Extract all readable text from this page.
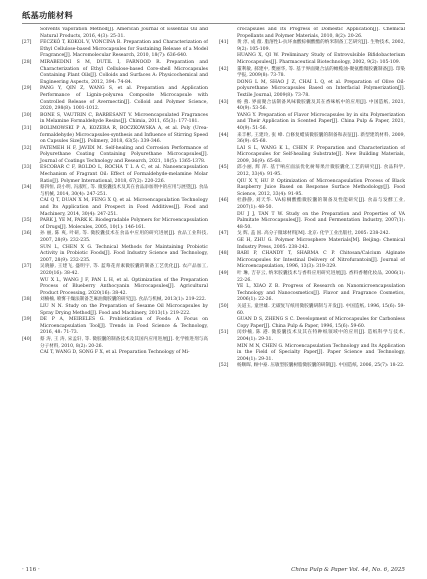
纸基功能材料
Solvents Vaporation Method[J]. American Journal of Essential Oil and Natural Products, 2016, 4(3): 25-31.
[27]	FECZKÓ T, KOKOL V, VONCINA B. Preparation and Characterization of Ethyl Cellulose-based Microcapsules for Sustaining Release of a Model Fragrance[J]. Macromolecular Research, 2010, 18(7): 636-640.
[28]	MIRABEDINI S M, DUTIL I, FARNOOD R. Preparation and Characterization of Ethyl Cellulose-based Core-shell Microcapsules Containing Plant Oils[J]. Colloids and Surfaces A: Physicochemical and Engineering Aspects, 2012, 394: 74-84.
[29]	PANG Y, QIN Z, WANG S, et al. Preparation and Application Performance of Lignin-polyurea Composite Microcapsule with Controlled Release of Avermectin[J]. Colloid and Polymer Science, 2020, 298(8): 1001-1012.
[30]	BONE S, VAUTRIN C, BARBESANT V. Microencapsulated Fragrances in Melamine Formaldehyde Resins[J]. Chimia, 2011, 65(3): 177-181.
[31]	BOLIMOWSKI P A, KOZERA R, BOCZKOWSKA A, et al. Poly (Urea-formaldehyde) Microcapsules-synthesis and Influence of Stirring Speed on Capsules Size[J]. Polimery, 2018, 63(5): 339-346.
[32]	FATEMEH H F, JAVIDI M. Self-healing and Corrosion Performance of Polyurethane Coating Containing Polyurethane Microcapsules[J]. Journal of Coatings Technology and Research, 2021, 18(5): 1365-1378.
[33]	ESCOBAR C F, ROLDO L, ROCHA T L A C, et al. Nanoencapsulation Mechanism of Fragrant Oil: Effect of Formaldehyde-melamine Molar Ratio[J]. Polymer International, 2018, 67(2): 220-226.
[34]	蔡四恒, 段小明, 冯淑红, 等. 微胶囊技术及其在食品添加剂中的应用与展望[J]. 食品与机械, 2014, 30(4): 247-251.
CAI Q T, DUAN X M, FENG X Q, et al. Microencapsulation Technology and Its Application and Prospect in Food Additives[J]. Food and Machinery, 2014, 30(4): 247-251.
[35]	PARK J, YE M, PARK K. Biodegradable Polymers for Microencapsulation of Drugs[J]. Molecules, 2005, 10(1): 146-161.
[36]	孙 丽, 陈 爽, 叶研, 等. 微胶囊技术在食品中应用的研究进展[J]. 食品工业科技, 2007, 28(9): 232-235.
SUN L, CHEN X G. Technical Methods for Maintaining Probiotic Activity in Probiotic Foods[J]. Food Industry Science and Technology, 2007, 28(9): 232-235.
[37]	吴晓静, 王建飞, 盛明宇, 等. 蓝莓花青素微胶囊的制备工艺优化[J]. 农产品加工, 2020(16): 38-42.
WU X L, WANG J F, PAN L H, et al. Optimization of the Preparation Process of Blueberry Anthocyanin Microcapsules[J]. Agricultural Product Processing, 2020(16): 38-42.
[38]	刘楠楠, 喷雾干燥法制备芝麻油微胶囊的研究[J]. 食品与机械, 2013(1): 219-222.
LIU N N. Study on the Preparation of Sesame Oil Microcapsules by Spray Drying Method[J]. Food and Machinery, 2013(1): 219-222.
[39]	DE P A, MEIRELES G. Probiotication of Foods: A Focus on Microencapsulation Tool[J]. Trends in Food Science & Technology, 2016, 48: 71-73.
[40]	蔡 涛, 王 涛, 宋孟轩, 等. 微胶囊的制备技术及其国内应用进展[J]. 化学推进剂与高分子材料, 2010, 8(2): 20-26.
CAI T, WANG D, SONG F X, et al. Preparation Technology of Mi-
crocapsules and Its Progress of Domestic Application[J]. Chemical Propellants and Polymer Materials, 2010, 8(2): 20-26.
[41]	黄 淳, 成 薇. 脂溶性L-抗坏血酸棕榈酸酯的纳米制备工艺研究[J]. 生物技术, 2002, 9(2): 105-109.
HUANG X, QI W. Preliminary Study of Entrovulsible Bifidobacterium Microcapsules[J]. Pharmaceutical Biotechnology, 2002, 9(2): 105-109.
[42]	董利敏, 郝建中, 樊丽华, 等. 基于界面聚合法的橄榄油-聚氨酯微胶囊制备[J]. 印染学报, 2009(8): 73-78.
DONG L M, SHAO J Z, CHAI L Q, et al. Preparation of Olive Oil-polyurethane Microcapsules Based on Interfacial Polymerization[J]. Textile Journal, 2009(8): 73-78.
[43]	杨 燕. 界面聚合法制备风味微胶囊及其在香味纸中的应用[J]. 中国造纸, 2021, 40(9): 53-56.
YANG Y. Preparation of Flavor Microcapsules by in situ Polymerization and Their Application in Scented Paper[J]. China Pulp & Paper, 2021, 40(9): 51-56.
[44]	来丰彬, 王建玲, 张 峰. 自修复蜡质微胶囊的制备和表征[J]. 新型建筑材料, 2009, 36(9): 65-68.
LAI S L, WANG K L, CHEN F. Preparation and Characterization of Microcapsules for Self-healing Substrate[J]. New Building Materials, 2009, 36(9): 65-68.
[45]	邱小丽, 辉 萍. 基于响应面法优化树莓果汁微胶囊化工艺的研究[J]. 食品科学, 2012, 33(4): 91-95.
QIU X Y, HU P. Optimization of Microencapsulation Process of Black Raspberry Juice Based on Response Surface Methodology[J]. Food Science, 2012, 33(4): 91-95.
[46]	杜静静, 刘天华. VA棕榈酸酯微胶囊的制备及性能研究[J]. 食品与发酵工业, 2007(1): 48-50.
DU J J, TAN T W. Study on the Preparation and Properties of VA Palmitate Microcapsules[J]. Food and Fermentation Industry, 2007(1): 48-50.
[47]	戈 辉, 盖 国. 高分子微球材料[M]. 北京: 化学工业出版社, 2005: 238-242.
GE H, ZHU G. Polymer Microsphere Materials[M]. Beijing: Chemical Industry Press, 2005: 238-242.
[48]	BABI P, CHANDY T, SHARMA C P. Chitosan/Calcium Alginate Microcapsules for Intestinal Delivery of Nitrofurantoin[J]. Journal of Microencapsulation, 1996, 13(3): 319-329.
[49]	叶 琳, 吉存云, 纳米胶囊技术与香料应用研究进展[J]. 香料香精化妆品, 2006(1): 22-26.
YE L, XIAO Z B. Progress of Research on Nanomicroencapsulation Technology and Nanocosmetics[J]. Flavor and Fragrance Cosmetics, 2006(1): 22-26.
[50]	关道玉, 童世雄. 无碳复写纸用微胶囊研制与开发[J]. 中国造纸, 1996, 15(6): 59-60.
GUAN D S, ZHENG S C. Development of Microcapsules for Carbonless Copy Paper[J]. China Pulp & Paper, 1996, 15(6): 59-60.
[51]	闵妙楠, 陈 港. 微胶囊技术及其在特种纸领域中的应用[J]. 造纸科学与技术, 2004(1): 29-31.
MIN M N, CHEN G. Microencapsulation Technology and Its Application in the Field of Specialty Paper[J]. Paper Science and Technology, 2004(1): 29-31.
[52]	杨顺晖, 顾中豪. 压敏型胶囊树脂微胶囊的研制[J]. 中国造纸, 2006, 25(7): 18-22.
· 116 ·	China Pulp & Paper Vol. 44, No. 6, 2025
